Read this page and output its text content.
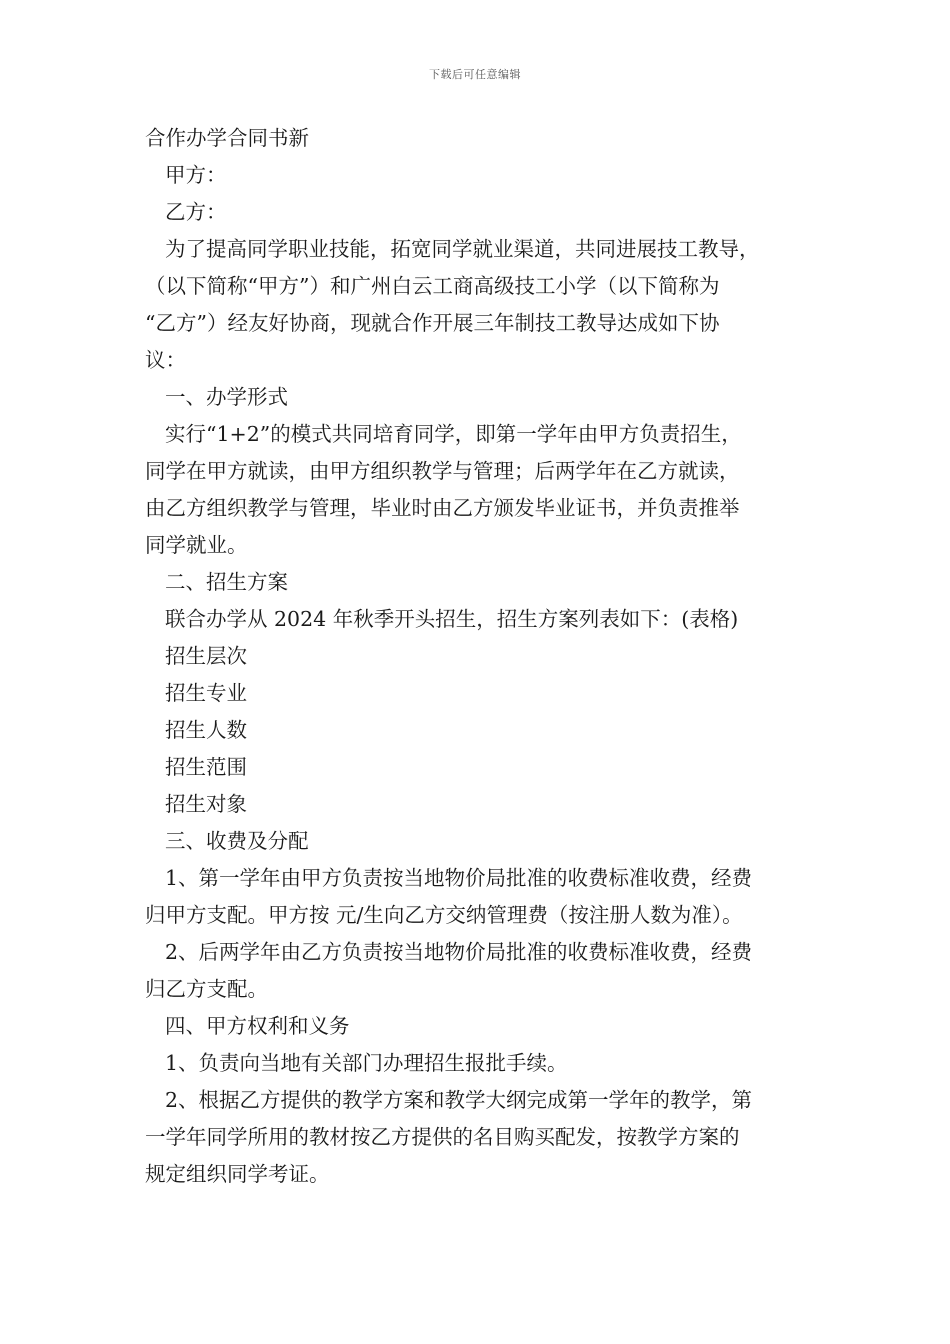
下载后可任意编辑

合作办学合同书新

甲方：

乙方：

为了提高同学职业技能，拓宽同学就业渠道，共同进展技工教导，

（以下简称“甲方”）和广州白云工商高级技工小学（以下简称为

“乙方”）经友好协商，现就合作开展三年制技工教导达成如下协

议：

一、办学形式

实行“1+2”的模式共同培育同学，即第一学年由甲方负责招生，

同学在甲方就读，由甲方组织教学与管理；后两学年在乙方就读，

由乙方组织教学与管理，毕业时由乙方颁发毕业证书，并负责推举

同学就业。

二、招生方案

联合办学从 2024 年秋季开头招生，招生方案列表如下：(表格)

招生层次

招生专业

招生人数

招生范围

招生对象

三、收费及分配

1、第一学年由甲方负责按当地物价局批准的收费标准收费，经费

归甲方支配。甲方按 元/生向乙方交纳管理费（按注册人数为准）。

2、后两学年由乙方负责按当地物价局批准的收费标准收费，经费

归乙方支配。

四、甲方权利和义务

1、负责向当地有关部门办理招生报批手续。

2、根据乙方提供的教学方案和教学大纲完成第一学年的教学，第

一学年同学所用的教材按乙方提供的名目购买配发，按教学方案的

规定组织同学考证。
